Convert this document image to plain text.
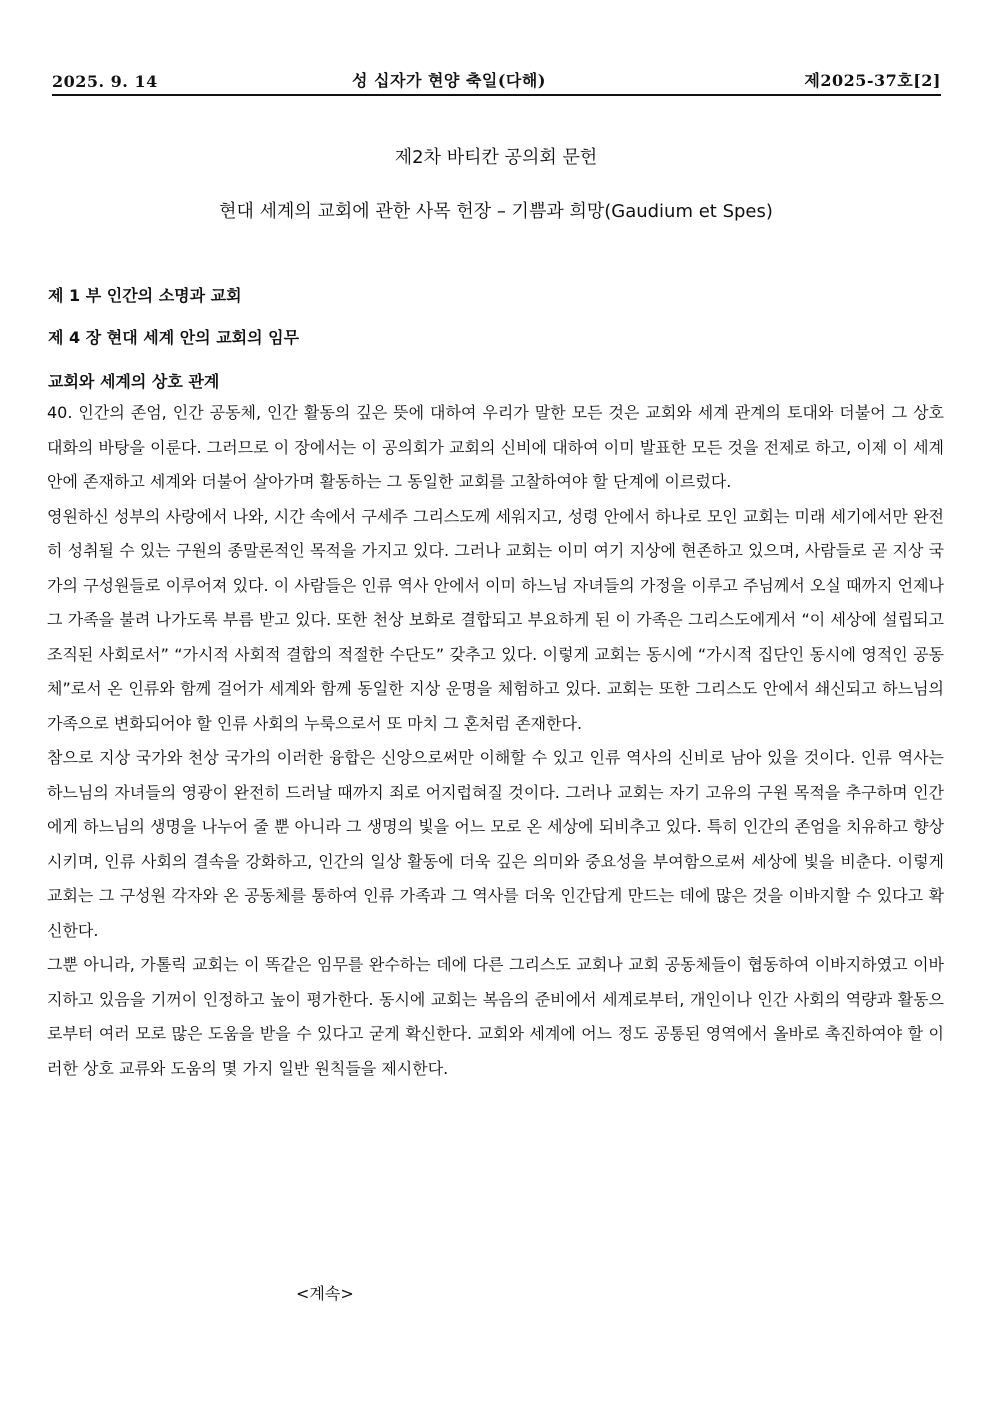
2025. 9. 14	성 십자가 현양 축일(다해)	제2025-37호[2]
제2차 바티칸 공의회 문헌
현대 세계의 교회에 관한 사목 헌장 – 기쁨과 희망(Gaudium et Spes)
제 1 부 인간의 소명과 교회
제 4 장 현대 세계 안의 교회의 임무
교회와 세계의 상호 관계

40. 인간의 존엄, 인간 공동체, 인간 활동의 깊은 뜻에 대하여 우리가 말한 모든 것은 교회와 세계 관계의 토대와 더불어 그 상호 대화의 바탕을 이룬다. 그러므로 이 장에서는 이 공의회가 교회의 신비에 대하여 이미 발표한 모든 것을 전제로 하고, 이제 이 세계 안에 존재하고 세계와 더불어 살아가며 활동하는 그 동일한 교회를 고찰하여야 할 단계에 이르렀다.

영원하신 성부의 사랑에서 나와, 시간 속에서 구세주 그리스도께 세워지고, 성령 안에서 하나로 모인 교회는 미래 세기에서만 완전히 성취될 수 있는 구원의 종말론적인 목적을 가지고 있다. 그러나 교회는 이미 여기 지상에 현존하고 있으며, 사람들로 곧 지상 국가의 구성원들로 이루어져 있다. 이 사람들은 인류 역사 안에서 이미 하느님 자녀들의 가정을 이루고 주님께서 오실 때까지 언제나 그 가족을 불려 나가도록 부름 받고 있다. 또한 천상 보화로 결합되고 부요하게 된 이 가족은 그리스도에게서 “이 세상에 설립되고 조직된 사회로서” “가시적 사회적 결합의 적절한 수단도” 갖추고 있다. 이렇게 교회는 동시에 “가시적 집단인 동시에 영적인 공동체”로서 온 인류와 함께 걸어가 세계와 함께 동일한 지상 운명을 체험하고 있다. 교회는 또한 그리스도 안에서 쇄신되고 하느님의 가족으로 변화되어야 할 인류 사회의 누룩으로서 또 마치 그 혼처럼 존재한다.

참으로 지상 국가와 천상 국가의 이러한 융합은 신앙으로써만 이해할 수 있고 인류 역사의 신비로 남아 있을 것이다. 인류 역사는 하느님의 자녀들의 영광이 완전히 드러날 때까지 죄로 어지럽혀질 것이다. 그러나 교회는 자기 고유의 구원 목적을 추구하며 인간에게 하느님의 생명을 나누어 줄 뿐 아니라 그 생명의 빛을 어느 모로 온 세상에 되비추고 있다. 특히 인간의 존엄을 치유하고 향상시키며, 인류 사회의 결속을 강화하고, 인간의 일상 활동에 더욱 깊은 의미와 중요성을 부여함으로써 세상에 빛을 비춘다. 이렇게 교회는 그 구성원 각자와 온 공동체를 통하여 인류 가족과 그 역사를 더욱 인간답게 만드는 데에 많은 것을 이바지할 수 있다고 확신한다.

그뿐 아니라, 가톨릭 교회는 이 똑같은 임무를 완수하는 데에 다른 그리스도 교회나 교회 공동체들이 협동하여 이바지하였고 이바지하고 있음을 기꺼이 인정하고 높이 평가한다. 동시에 교회는 복음의 준비에서 세계로부터, 개인이나 인간 사회의 역량과 활동으로부터 여러 모로 많은 도움을 받을 수 있다고 굳게 확신한다. 교회와 세계에 어느 정도 공통된 영역에서 올바로 촉진하여야 할 이러한 상호 교류와 도움의 몇 가지 일반 원칙들을 제시한다.

<계속>
